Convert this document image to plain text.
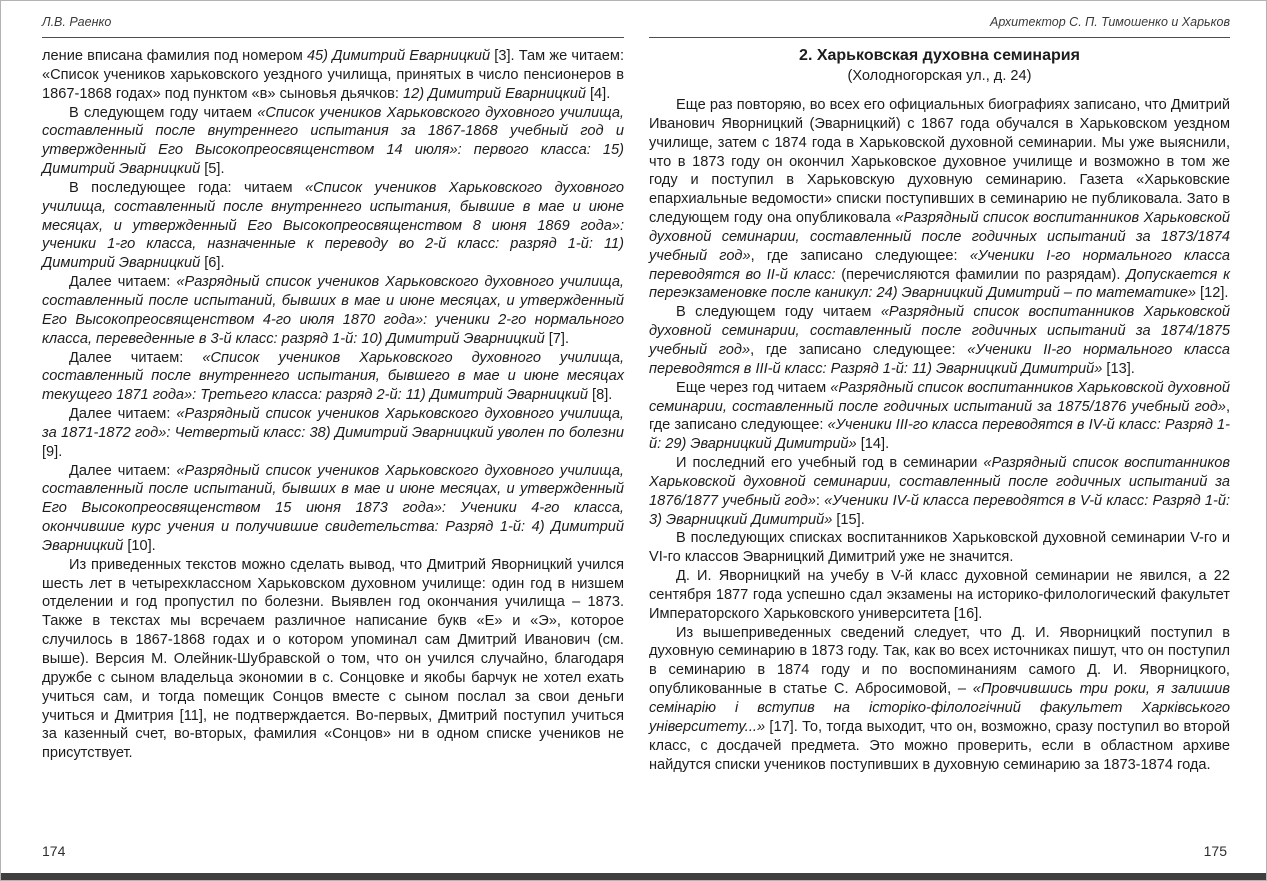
Л.В. Раенко

ление вписана фамилия под номером 45) Димитрий Еварницкий [3]. Там же читаем: «Список учеников харьковского уездного училища, принятых в число пенсионеров в 1867-1868 годах» под пунктом «в» сыновья дьячков: 12) Димитрий Еварницкий [4].

В следующем году читаем «Список учеников Харьковского духовного училища, составленный после внутреннего испытания за 1867-1868 учебный год и утвержденный Его Высокопреосвященством 14 июля»: первого класса: 15) Димитрий Эварницкий [5].

В последующее года: читаем «Список учеников Харьковского духовного училища, составленный после внутреннего испытания, бывшие в мае и июне месяцах, и утвержденный Его Высокопреосвященством 8 июня 1869 года»: ученики 1-го класса, назначенные к переводу во 2-й класс: разряд 1-й: 11) Димитрий Эварницкий [6].

Далее читаем: «Разрядный список учеников Харьковского духовного училища, составленный после испытаний, бывших в мае и июне месяцах, и утвержденный Его Высокопреосвященством 4-го июля 1870 года»: ученики 2-го нормального класса, переведенные в 3-й класс: разряд 1-й: 10) Димитрий Эварницкий [7].

Далее читаем: «Список учеников Харьковского духовного училища, составленный после внутреннего испытания, бывшего в мае и июне месяцах текущего 1871 года»: Третьего класса: разряд 2-й: 11) Димитрий Эварницкий [8].

Далее читаем: «Разрядный список учеников Харьковского духовного училища, за 1871-1872 год»: Четвертый класс: 38) Димитрий Эварницкий уволен по болезни [9].

Далее читаем: «Разрядный список учеников Харьковского духовного училища, составленный после испытаний, бывших в мае и июне месяцах, и утвержденный Его Высокопреосвященством 15 июня 1873 года»: Ученики 4-го класса, окончившие курс учения и получившие свидетельства: Разряд 1-й: 4) Димитрий Эварницкий [10].

Из приведенных текстов можно сделать вывод, что Дмитрий Яворницкий учился шесть лет в четырехклассном Харьковском духовном училище: один год в низшем отделении и год пропустил по болезни. Выявлен год окончания училища – 1873. Также в текстах мы всречаем различное написание букв «Е» и «Э», которое случилось в 1867-1868 годах и о котором упоминал сам Дмитрий Иванович (см. выше). Версия М. Олейник-Шубравской о том, что он учился случайно, благодаря дружбе с сыном владельца экономии в с. Сонцовке и якобы барчук не хотел ехать учиться сам, и тогда помещик Сонцов вместе с сыном послал за свои деньги учиться и Дмитрия [11], не подтверждается. Во-первых, Дмитрий поступил учиться за казенный счет, во-вторых, фамилия «Сонцов» ни в одном списке учеников не присутствует.

Архитектор С. П. Тимошенко и Харьков
2. Харьковская духовна семинария
(Холодногорская ул., д. 24)

Еще раз повторяю, во всех его официальных биографиях записано, что Дмитрий Иванович Яворницкий (Эварницкий) с 1867 года обучался в Харьковском уездном училище, затем с 1874 года в Харьковской духовной семинарии. Мы уже выяснили, что в 1873 году он окончил Харьковское духовное училище и возможно в том же году и поступил в Харьковскую духовную семинарию. Газета «Харьковские епархиальные ведомости» списки поступивших в семинарию не публиковала. Зато в следующем году она опубликовала «Разрядный список воспитанников Харьковской духовной семинарии, составленный после годичных испытаний за 1873/1874 учебный год», где записано следующее: «Ученики I-го нормального класса переводятся во II-й класс: (перечисляются фамилии по разрядам). Допускается к переэкзаменовке после каникул: 24) Эварницкий Димитрий – по математике» [12].

В следующем году читаем «Разрядный список воспитанников Харьковской духовной семинарии, составленный после годичных испытаний за 1874/1875 учебный год», где записано следующее: «Ученики II-го нормального класса переводятся в III-й класс: Разряд 1-й: 11) Эварницкий Димитрий» [13].

Еще через год читаем «Разрядный список воспитанников Харьковской духовной семинарии, составленный после годичных испытаний за 1875/1876 учебный год», где записано следующее: «Ученики III-го класса переводятся в IV-й класс: Разряд 1-й: 29) Эварницкий Димитрий» [14].

И последний его учебный год в семинарии «Разрядный список воспитанников Харьковской духовной семинарии, составленный после годичных испытаний за 1876/1877 учебный год»: «Ученики IV-й класса переводятся в V-й класс: Разряд 1-й: 3) Эварницкий Димитрий» [15].

В последующих списках воспитанников Харьковской духовной семинарии V-го и VI-го классов Эварницкий Димитрий уже не значится.

Д. И. Яворницкий на учебу в V-й класс духовной семинарии не явился, а 22 сентября 1877 года успешно сдал экзамены на историко-филологический факультет Императорского Харьковского университета [16].

Из вышеприведенных сведений следует, что Д. И. Яворницкий поступил в духовную семинарию в 1873 году. Так, как во всех источниках пишут, что он поступил в семинарию в 1874 году и по воспоминаниям самого Д. И. Яворницкого, опубликованные в статье С. Абросимовой, – «Провчившись три роки, я залишив семінарію і вступив на історіко-філологічний факультет Харківського університету...» [17]. То, тогда выходит, что он, возможно, сразу поступил во второй класс, с досдачей предмета. Это можно проверить, если в областном архиве найдутся списки учеников поступивших в духовную семинарию за 1873-1874 года.

174	175
